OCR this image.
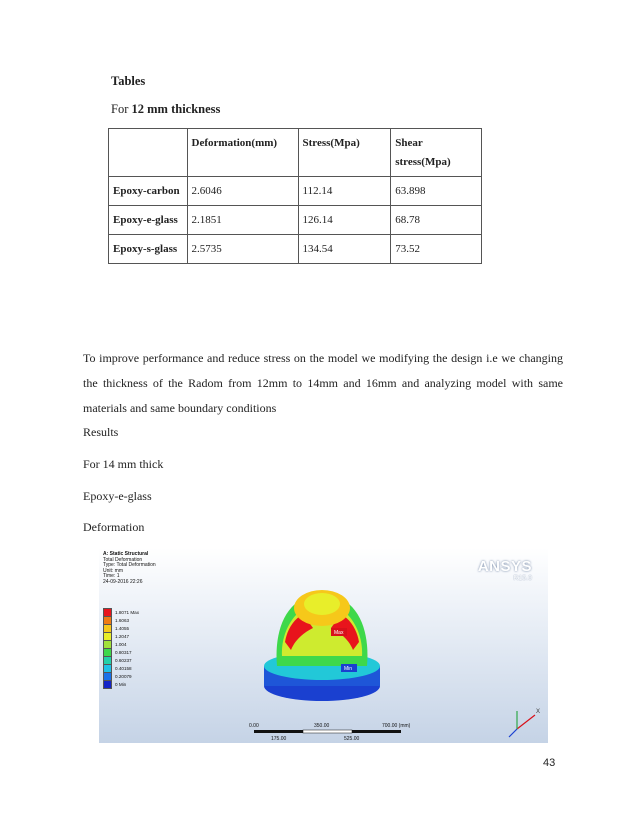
Tables
For 12 mm thickness
	Deformation(mm)	Stress(Mpa)	Shear stress(Mpa)
Epoxy-carbon	2.6046	112.14	63.898
Epoxy-e-glass	2.1851	126.14	68.78
Epoxy-s-glass	2.5735	134.54	73.52
To improve performance and reduce stress on the model we modifying the design i.e we changing the thickness of the Radom from 12mm to 14mm and 16mm and analyzing model with same materials and same boundary conditions
Results
For 14 mm thick
Epoxy-e-glass
Deformation
A: Static Structural
Total Deformation
Type: Total Deformation
Unit: mm
Time: 1
24-09-2016 22:26
1.8071 Max
1.6063
1.4055
1.2047
1.004
0.80317
0.60237
0.40158
0.20079
0 Min
ANSYS
R15.0
Max
Min
X
0.00	350.00	700.00 (mm)
175.00	525.00
43
